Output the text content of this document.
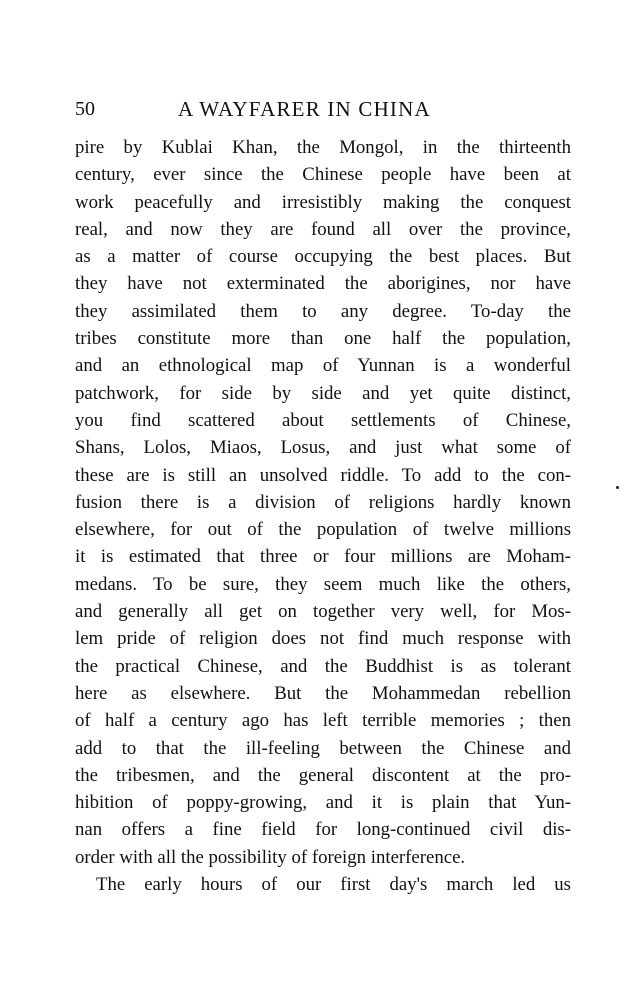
50	A WAYFARER IN CHINA
pire by Kublai Khan, the Mongol, in the thirteenth
century, ever since the Chinese people have been at
work peacefully and irresistibly making the conquest
real, and now they are found all over the province,
as a matter of course occupying the best places. But
they have not exterminated the aborigines, nor have
they assimilated them to any degree. To-day the
tribes constitute more than one half the population,
and an ethnological map of Yunnan is a wonderful
patchwork, for side by side and yet quite distinct,
you find scattered about settlements of Chinese,
Shans, Lolos, Miaos, Losus, and just what some of
these are is still an unsolved riddle. To add to the con-
fusion there is a division of religions hardly known
elsewhere, for out of the population of twelve millions
it is estimated that three or four millions are Moham-
medans. To be sure, they seem much like the others,
and generally all get on together very well, for Mos-
lem pride of religion does not find much response with
the practical Chinese, and the Buddhist is as tolerant
here as elsewhere. But the Mohammedan rebellion
of half a century ago has left terrible memories ; then
add to that the ill-feeling between the Chinese and
the tribesmen, and the general discontent at the pro-
hibition of poppy-growing, and it is plain that Yun-
nan offers a fine field for long-continued civil dis-
order with all the possibility of foreign interference.
The early hours of our first day's march led us
